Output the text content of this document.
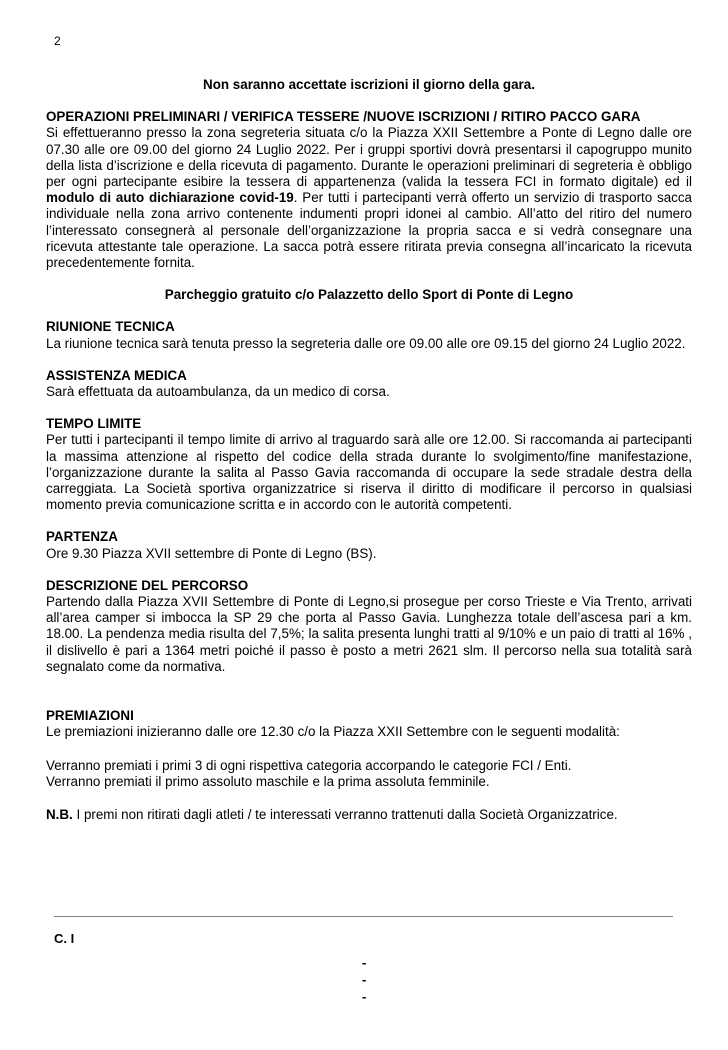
2

Non saranno accettate iscrizioni il giorno della gara.

OPERAZIONI PRELIMINARI / VERIFICA TESSERE /NUOVE ISCRIZIONI / RITIRO PACCO GARA

Si effettueranno presso la zona segreteria situata c/o la Piazza XXII Settembre a Ponte di Legno dalle ore 07.30 alle ore 09.00 del giorno 24 Luglio 2022. Per i gruppi sportivi dovrà presentarsi il capogruppo munito della lista d’iscrizione e della ricevuta di pagamento. Durante le operazioni preliminari di segreteria è obbligo per ogni partecipante esibire la tessera di appartenenza (valida la tessera FCI in formato digitale) ed il modulo di auto dichiarazione covid-19. Per tutti i partecipanti verrà offerto un servizio di trasporto sacca individuale nella zona arrivo contenente indumenti propri idonei al cambio. All’atto del ritiro del numero l’interessato consegnerà al personale dell’organizzazione la propria sacca e si vedrà consegnare una ricevuta attestante tale operazione. La sacca potrà essere ritirata previa consegna all’incaricato la ricevuta precedentemente fornita.

Parcheggio gratuito c/o Palazzetto dello Sport di Ponte di Legno

RIUNIONE TECNICA

La riunione tecnica sarà tenuta presso la segreteria dalle ore 09.00 alle ore 09.15 del giorno 24 Luglio 2022.

ASSISTENZA MEDICA

Sarà effettuata da autoambulanza, da un medico di corsa.

TEMPO LIMITE

Per tutti i partecipanti il tempo limite di arrivo al traguardo sarà alle ore 12.00. Si raccomanda ai partecipanti la massima attenzione al rispetto del codice della strada durante lo svolgimento/fine manifestazione, l’organizzazione durante la salita al Passo Gavia raccomanda di occupare la sede stradale destra della carreggiata. La Società sportiva organizzatrice si riserva il diritto di modificare il percorso in qualsiasi momento previa comunicazione scritta e in accordo con le autorità competenti.

PARTENZA

Ore 9.30 Piazza XVII settembre di Ponte di Legno (BS).

DESCRIZIONE DEL PERCORSO

Partendo dalla Piazza XVII Settembre di Ponte di Legno,si prosegue per corso Trieste e Via Trento, arrivati all’area camper si imbocca la SP 29 che porta al Passo Gavia. Lunghezza totale dell’ascesa pari a km. 18.00. La pendenza media risulta del 7,5%; la salita presenta lunghi tratti al 9/10% e un paio di tratti al 16% , il dislivello è pari a 1364 metri poiché il passo è posto a metri 2621 slm. Il percorso nella sua totalità sarà segnalato come da normativa.

PREMIAZIONI

Le premiazioni inizieranno dalle ore 12.30 c/o la Piazza XXII Settembre con le seguenti modalità:

Verranno premiati i primi 3 di ogni rispettiva categoria accorpando le categorie FCI / Enti.

Verranno premiati il primo assoluto maschile e la prima assoluta femminile.

N.B. I premi non ritirati dagli atleti / te interessati verranno trattenuti dalla Società Organizzatrice.

C. I
-
-
-
